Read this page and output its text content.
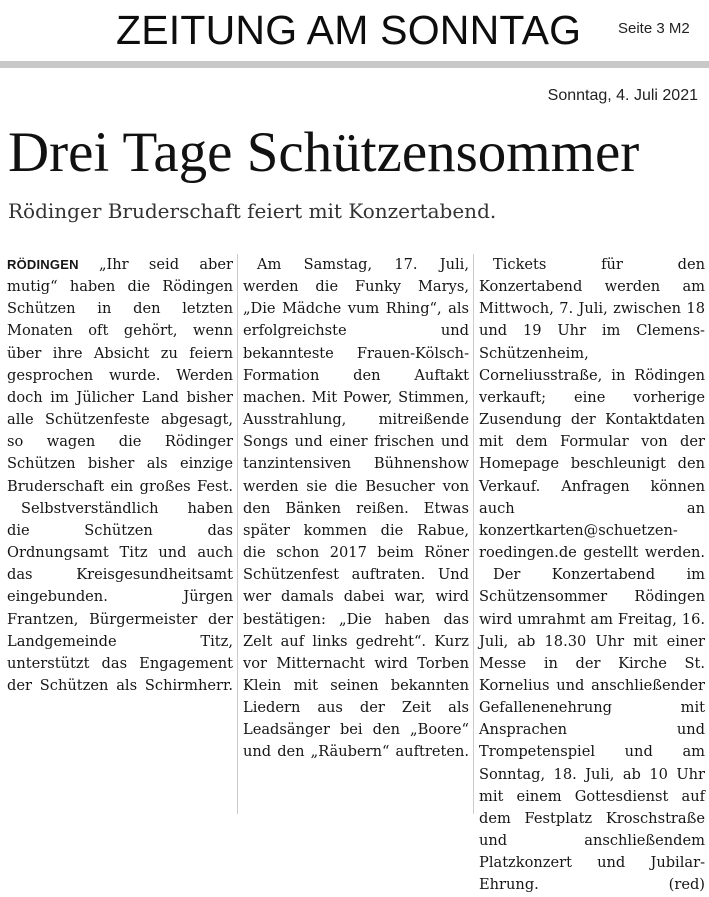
ZEITUNG AM SONNTAG Seite 3 M2
Sonntag, 4. Juli 2021
Drei Tage Schützensommer
Rödinger Bruderschaft feiert mit Konzertabend.

RÖDINGEN „Ihr seid aber mutig“ haben die Rödingen Schützen in den letzten Monaten oft gehört, wenn über ihre Absicht zu feiern gesprochen wurde. Werden doch im Jülicher Land bisher alle Schützenfeste abgesagt, so wagen die Rödinger Schützen bisher als einzige Bruderschaft ein großes Fest.

Selbstverständlich haben die Schützen das Ordnungsamt Titz und auch das Kreisgesundheitsamt eingebunden. Jürgen Frantzen, Bürgermeister der Landgemeinde Titz, unterstützt das Engagement der Schützen als Schirmherr.

Am Samstag, 17. Juli, werden die Funky Marys, „Die Mädche vum Rhing“, als erfolgreichste und bekannteste Frauen-Kölsch-Formation den Auftakt machen. Mit Power, Stimmen, Ausstrahlung, mitreißende Songs und einer frischen und tanzintensiven Bühnenshow werden sie die Besucher von den Bänken reißen. Etwas später kommen die Rabue, die schon 2017 beim Röner Schützenfest auftraten. Und wer damals dabei war, wird bestätigen: „Die haben das Zelt auf links gedreht“. Kurz vor Mitternacht wird Torben Klein mit seinen bekannten Liedern aus der Zeit als Leadsänger bei den „Boore“ und den „Räubern“ auftreten.

Tickets für den Konzertabend werden am Mittwoch, 7. Juli, zwischen 18 und 19 Uhr im Clemens-Schützenheim, Corneliusstraße, in Rödingen verkauft; eine vorherige Zusendung der Kontaktdaten mit dem Formular von der Homepage beschleunigt den Verkauf. Anfragen können auch an konzertkarten@schuetzen-roedingen.de gestellt werden.

Der Konzertabend im Schützensommer Rödingen wird umrahmt am Freitag, 16. Juli, ab 18.30 Uhr mit einer Messe in der Kirche St. Kornelius und anschließender Gefallenenehrung mit Ansprachen und Trompetenspiel und am Sonntag, 18. Juli, ab 10 Uhr mit einem Gottesdienst auf dem Festplatz Kroschstraße und anschließendem Platzkonzert und Jubilar-Ehrung.	(red)
